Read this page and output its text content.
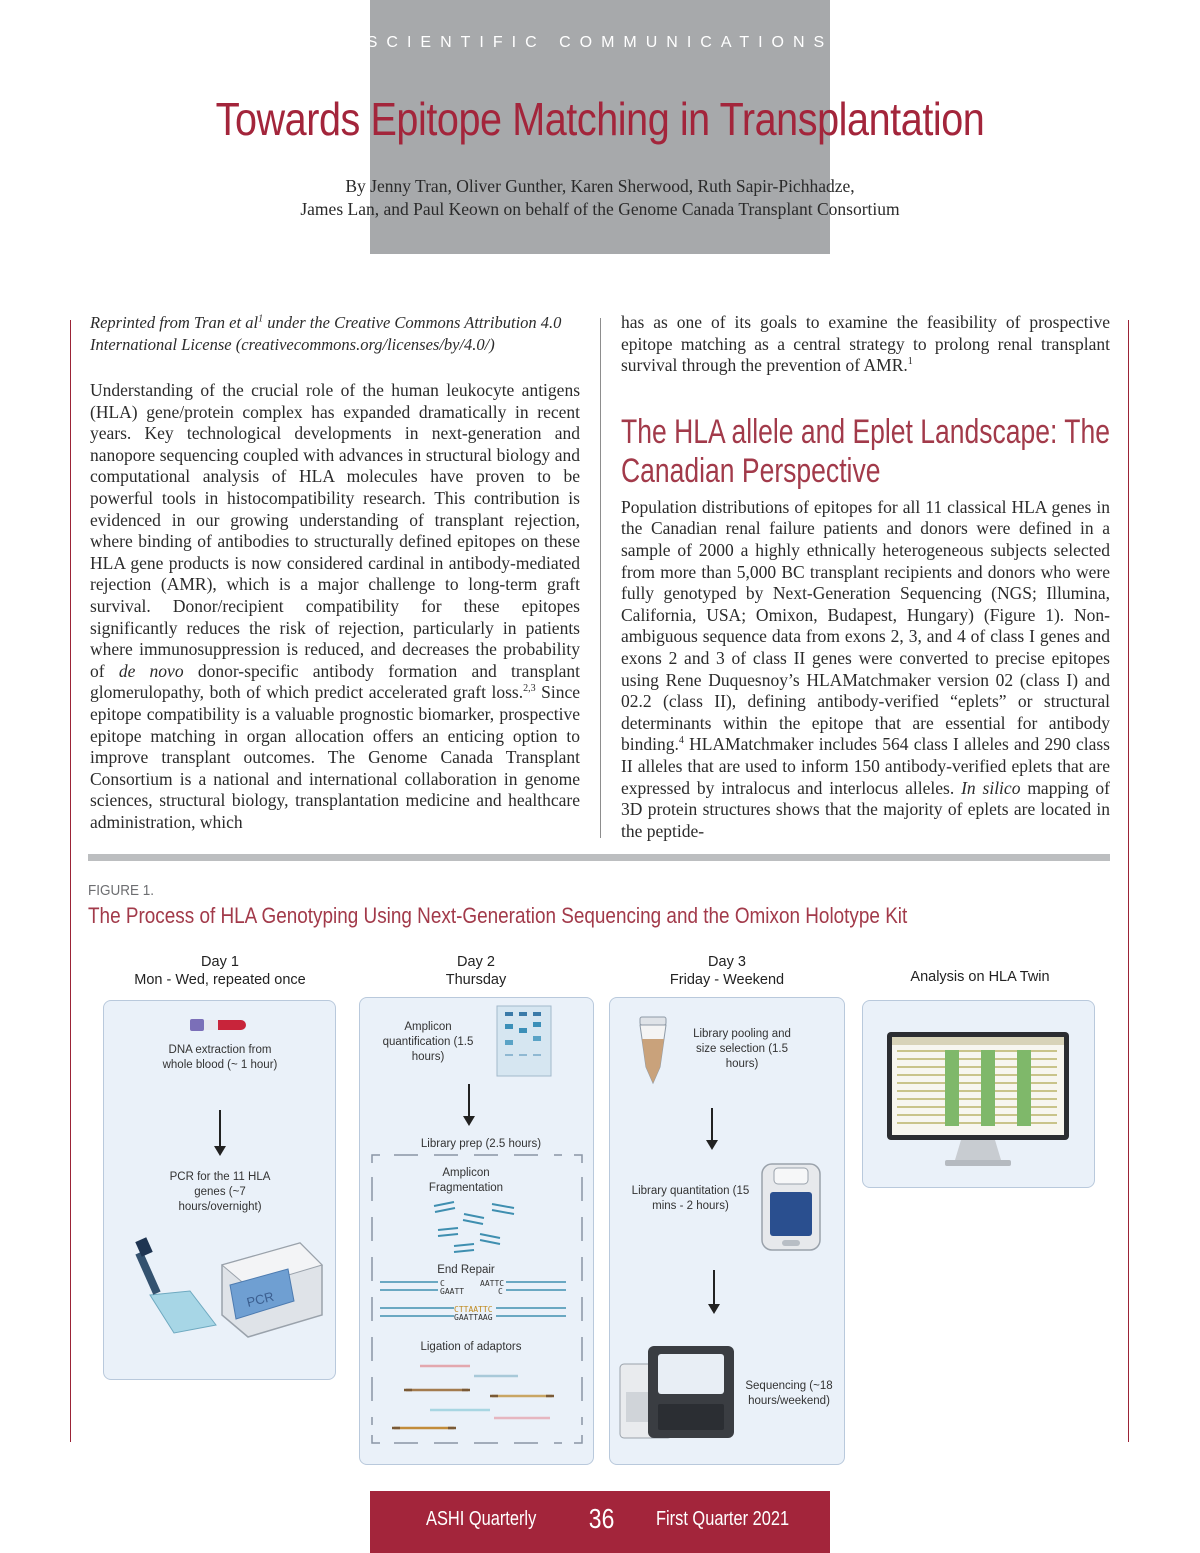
SCIENTIFIC COMMUNICATIONS
Towards Epitope Matching in Transplantation
By Jenny Tran, Oliver Gunther, Karen Sherwood, Ruth Sapir-Pichhadze,
James Lan, and Paul Keown on behalf of the Genome Canada Transplant Consortium

Reprinted from Tran et $al^1$ under the Creative Commons Attribution 4.0 International License (creativecommons.org/licenses/by/4.0/)

Understanding of the crucial role of the human leukocyte antigens (HLA) gene/protein complex has expanded dramatically in recent years. Key technological developments in next-generation and nanopore sequencing coupled with advances in structural biology and computational analysis of HLA molecules have proven to be powerful tools in histocompatibility research. This contribution is evidenced in our growing understanding of transplant rejection, where binding of antibodies to structurally defined epitopes on these HLA gene products is now considered cardinal in antibody-mediated rejection (AMR), which is a major challenge to long-term graft survival. Donor/recipient compatibility for these epitopes significantly reduces the risk of rejection, particularly in patients where immunosuppression is reduced, and decreases the probability of de novo donor-specific antibody formation and transplant glomerulopathy, both of which predict accelerated graft loss.$^{2,3}$ Since epitope compatibility is a valuable prognostic biomarker, prospective epitope matching in organ allocation offers an enticing option to improve transplant outcomes. The Genome Canada Transplant Consortium is a national and international collaboration in genome sciences, structural biology, transplantation medicine and healthcare administration, which

has as one of its goals to examine the feasibility of prospective epitope matching as a central strategy to prolong renal transplant survival through the prevention of AMR.$^1$

The HLA allele and Eplet Landscape: The Canadian Perspective

Population distributions of epitopes for all 11 classical HLA genes in the Canadian renal failure patients and donors were defined in a sample of 2000 a highly ethnically heterogeneous subjects selected from more than 5,000 BC transplant recipients and donors who were fully genotyped by Next-Generation Sequencing (NGS; Illumina, California, USA; Omixon, Budapest, Hungary) (Figure 1). Non-ambiguous sequence data from exons 2, 3, and 4 of class I genes and exons 2 and 3 of class II genes were converted to precise epitopes using Rene Duquesnoy’s HLAMatchmaker version 02 (class I) and 02.2 (class II), defining antibody-verified “eplets” or structural determinants within the epitope that are essential for antibody binding.$^4$ HLAMatchmaker includes 564 class I alleles and 290 class II alleles that are used to inform 150 antibody-verified eplets that are expressed by intralocus and interlocus alleles. In silico mapping of 3D protein structures shows that the majority of eplets are located in the peptide-

FIGURE 1.
The Process of HLA Genotyping Using Next-Generation Sequencing and the Omixon Holotype Kit
Day 1
Mon - Wed, repeated once
Day 2
Thursday
Day 3
Friday - Weekend	Analysis on HLA Twin
DNA extraction from whole blood (~ 1 hour)
PCR for the 11 HLA genes (~7 hours/overnight)
PCR
Amplicon quantification (1.5 hours)
Library prep (2.5 hours)
Amplicon Fragmentation
End Repair
C
GAATT
AATTC
C
CTTAATTC
GAATTAAG
Ligation of adaptors
Library pooling and size selection (1.5 hours)
Library quantitation (15 mins - 2 hours)
Sequencing (~18 hours/weekend)
ASHI Quarterly 36 First Quarter 2021
